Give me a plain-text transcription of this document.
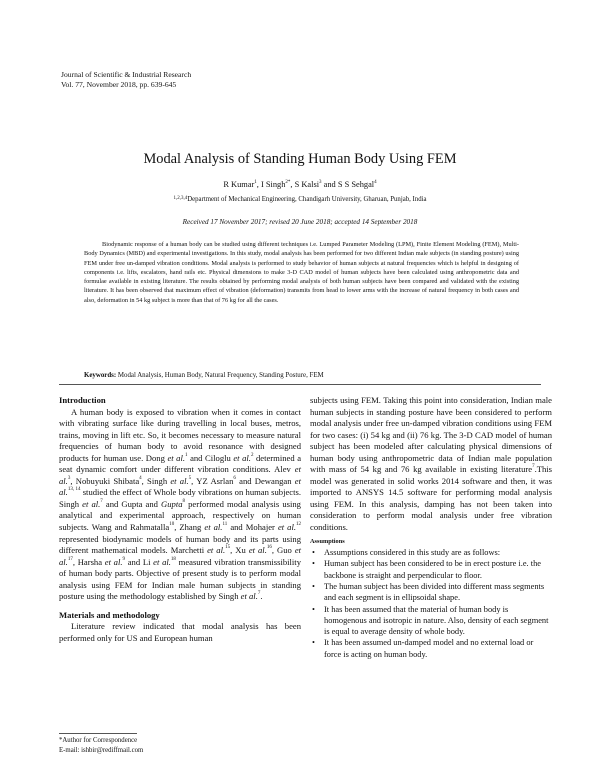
Journal of Scientific & Industrial Research
Vol. 77, November 2018, pp. 639-645
Modal Analysis of Standing Human Body Using FEM
R Kumar$^1$, I Singh$^{2*}$, S Kalsi$^3$ and S S Sehgal$^4$
$^{1,2,3,4}$Department of Mechanical Engineering, Chandigarh University, Gharuan, Punjab, India
Received 17 November 2017; revised 20 June 2018; accepted 14 September 2018

Biodynamic response of a human body can be studied using different techniques i.e. Lumped Parameter Modeling (LPM), Finite Element Modeling (FEM), Multi-Body Dynamics (MBD) and experimental investigations. In this study, modal analysis has been performed for two different Indian male subjects (in standing posture) using FEM under free un-damped vibration conditions. Modal analysis is performed to study behavior of human subjects at natural frequencies which is helpful in designing of components i.e. lifts, escalators, hand rails etc. Physical dimensions to make 3-D CAD model of human subjects have been calculated using anthropometric data and formulae available in existing literature. The results obtained by performing modal analysis of both human subjects have been compared and validated with the existing literature. It has been observed that maximum effect of vibration (deformation) transmits from head to lower arms with the increase of natural frequency in both cases and also, deformation in 54 kg subject is more than that of 76 kg for all the cases.

Keywords: Modal Analysis, Human Body, Natural Frequency, Standing Posture, FEM

Introduction

A human body is exposed to vibration when it comes in contact with vibrating surface like during travelling in local buses, metros, trains, moving in lift etc. So, it becomes necessary to measure natural frequencies of human body to avoid resonance with designed products for human use. Dong et al.$^1$ and Ciloglu et al.$^2$ determined a seat dynamic comfort under different vibration conditions. Alev et al.$^3$, Nobuyuki Shibata$^4$, Singh et al.$^5$, YZ Asrlan$^6$ and Dewangan et al.$^{13, 14}$ studied the effect of Whole body vibrations on human subjects. Singh et al.$^7$ and Gupta and Gupta$^8$ performed modal analysis using analytical and experimental approach, respectively on human subjects. Wang and Rahmatalla$^{10}$, Zhang et al.$^{11}$ and Mohajer et al.$^{12}$ represented biodynamic models of human body and its parts using different mathematical models. Marchetti et al.$^{15}$, Xu et al.$^{16}$, Guo et al.$^{17}$, Harsha et al.$^9$ and Li et al.$^{18}$ measured vibration transmissibility of human body parts. Objective of present study is to perform modal analysis using FEM for Indian male human subjects in standing posture using the methodology established by Singh et al.$^7$.

Materials and methodology

Literature review indicated that modal analysis has been performed only for US and European human

subjects using FEM. Taking this point into consideration, Indian male human subjects in standing posture have been considered to perform modal analysis under free un-damped vibration conditions using FEM for two cases: (i) 54 kg and (ii) 76 kg. The 3-D CAD model of human subject has been modeled after calculating physical dimensions of human body using anthropometric data of Indian male population with mass of 54 kg and 76 kg available in existing literature$^7$.This model was generated in solid works 2014 software and then, it was imported to ANSYS 14.5 software for performing modal analysis using FEM. In this analysis, damping has not been taken into consideration to perform modal analysis under free vibration conditions.

Assumptions

• Assumptions considered in this study are as follows:
• Human subject has been considered to be in erect posture i.e. the backbone is straight and perpendicular to floor.
• The human subject has been divided into different mass segments and each segment is in ellipsoidal shape.
• It has been assumed that the material of human body is homogenous and isotropic in nature. Also, density of each segment is equal to average density of whole body.
• It has been assumed un-damped model and no external load or force is acting on human body.
*Author for Correspondence
E-mail: ishbir@rediffmail.com
